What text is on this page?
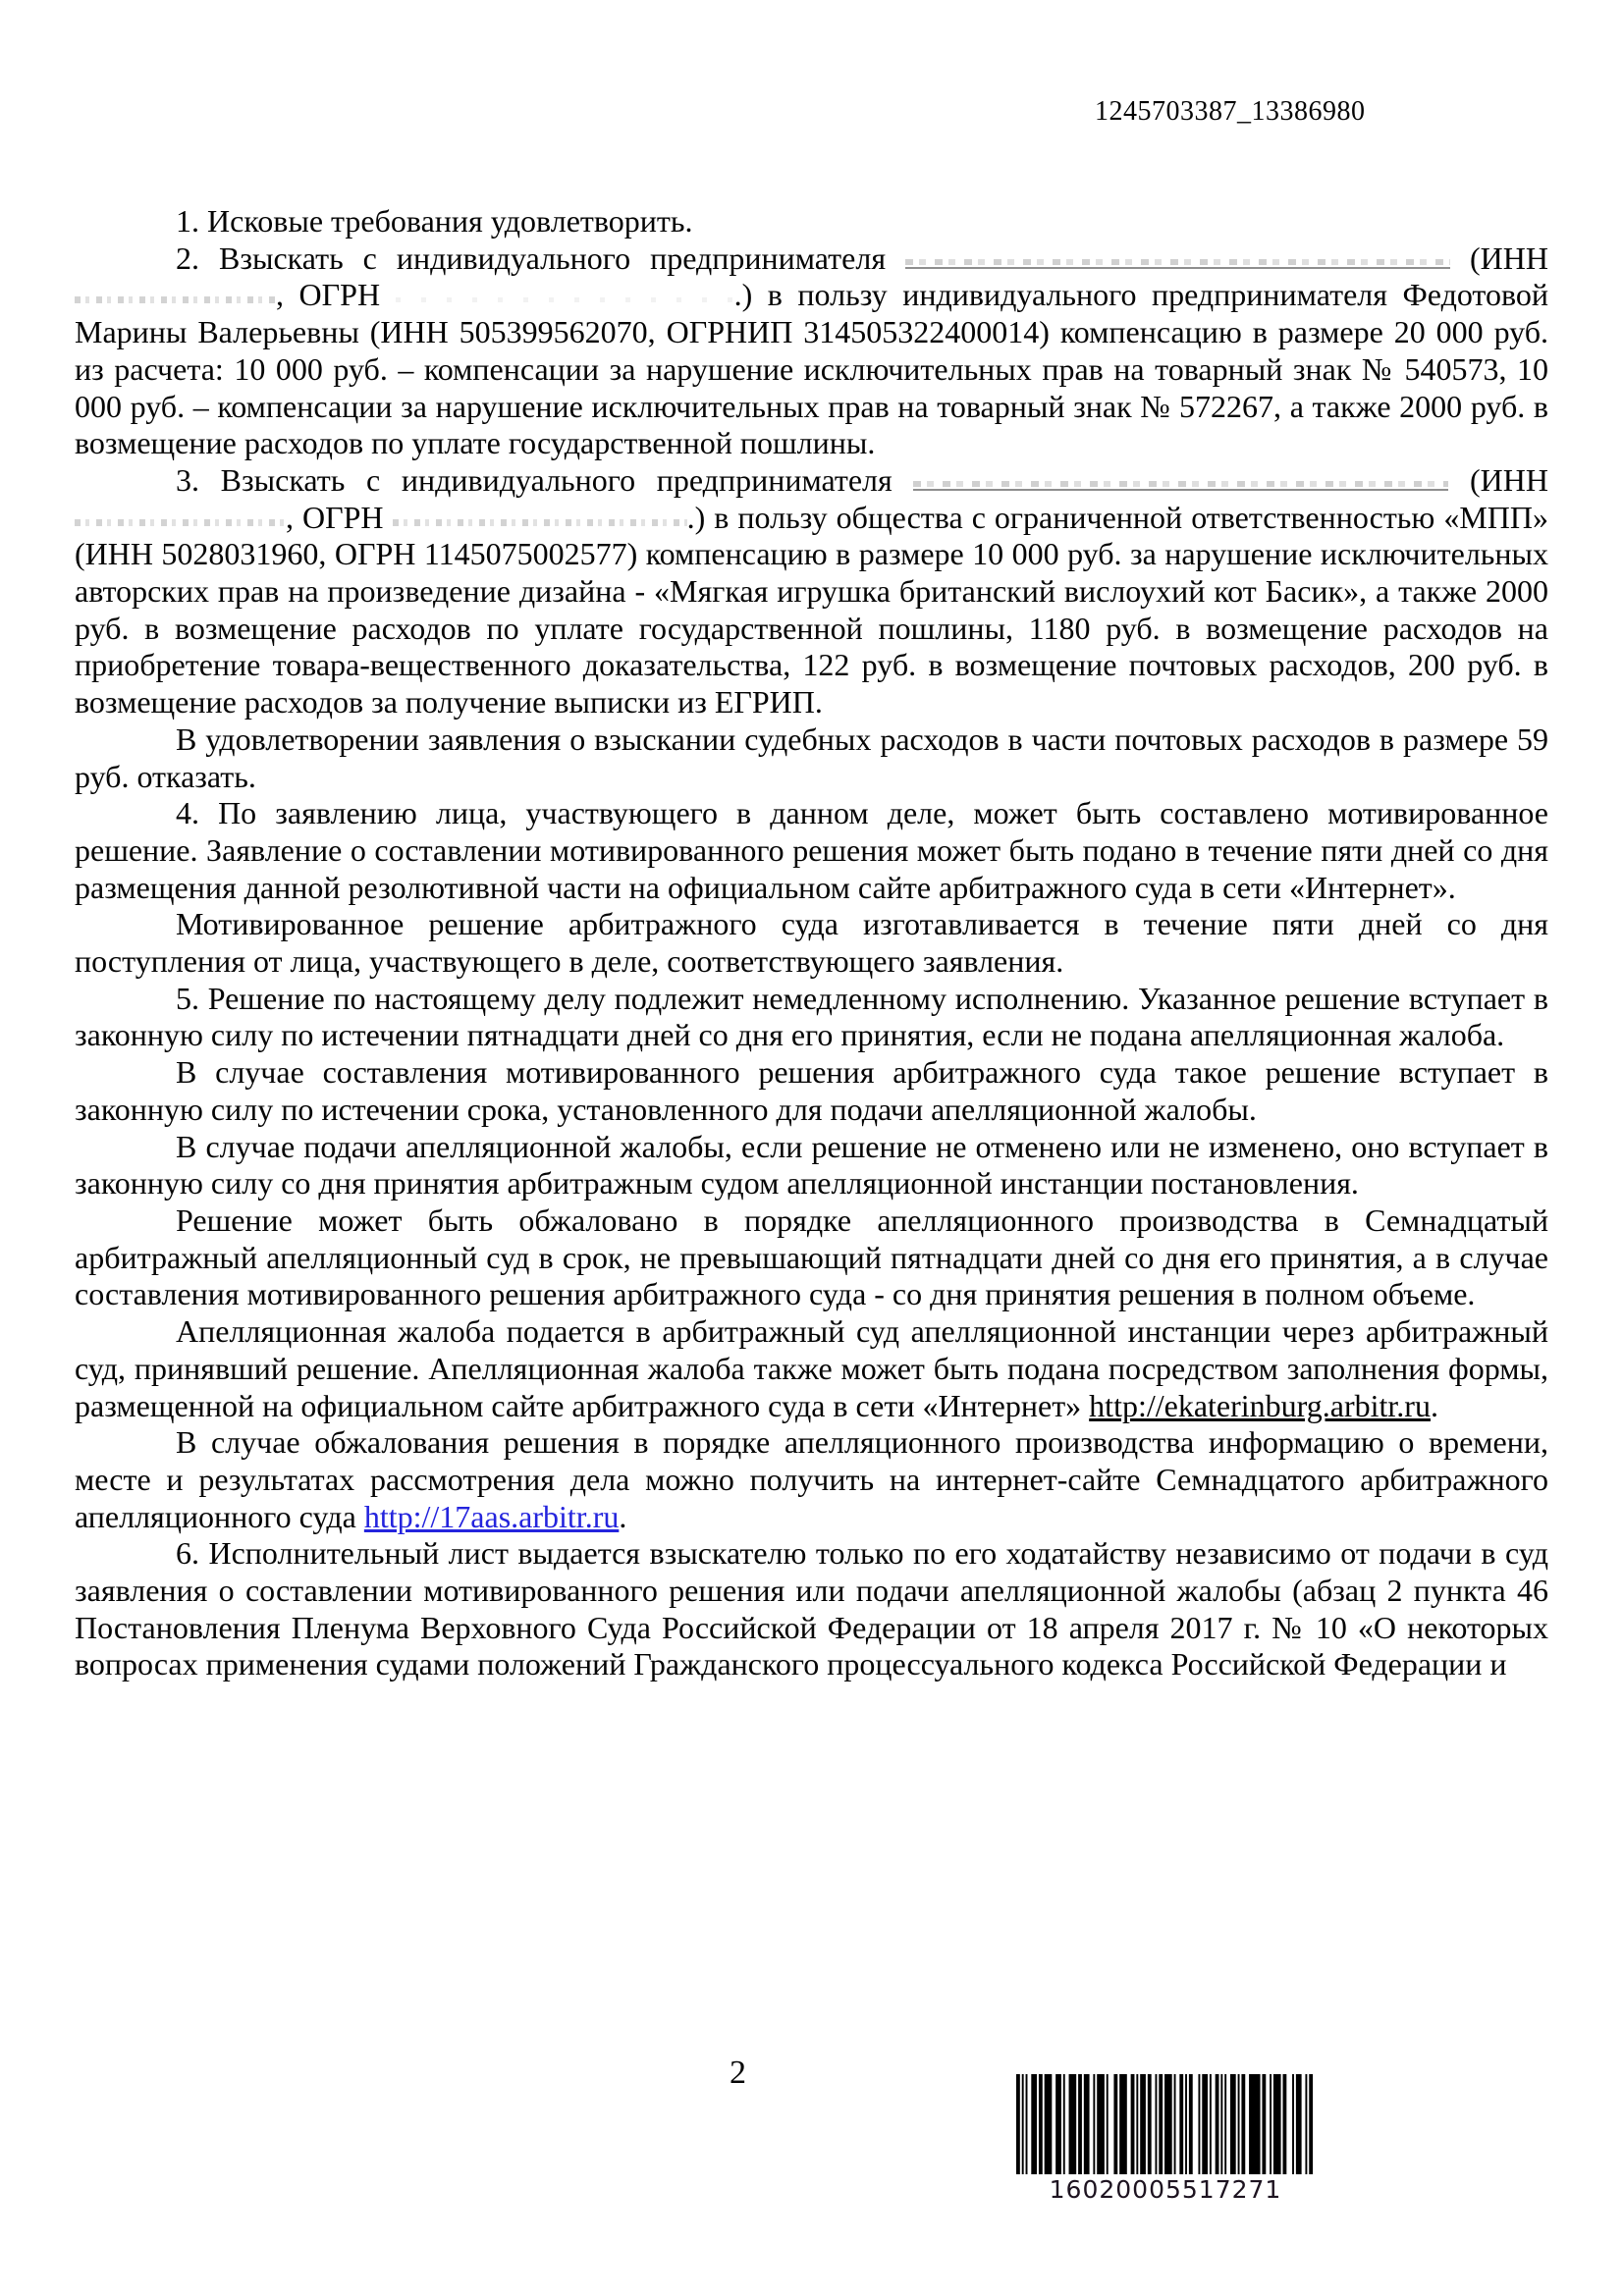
1245703387_13386980

1. Исковые требования удовлетворить.

2. Взыскать с индивидуального предпринимателя	(ИНН , ОГРН	.) в пользу индивидуального предпринимателя Федотовой Марины Валерьевны (ИНН 505399562070, ОГРНИП 314505322400014) компенсацию в размере 20 000 руб. из расчета: 10 000 руб. – компенсации за нарушение исключительных прав на товарный знак № 540573, 10 000 руб. – компенсации за нарушение исключительных прав на товарный знак № 572267, а также 2000 руб. в возмещение расходов по уплате государственной пошлины.

3. Взыскать с индивидуального предпринимателя	(ИНН , ОГРН	.) в пользу общества с ограниченной ответственностью «МПП» (ИНН 5028031960, ОГРН 1145075002577) компенсацию в размере 10 000 руб. за нарушение исключительных авторских прав на произведение дизайна - «Мягкая игрушка британский вислоухий кот Басик», а также 2000 руб. в возмещение расходов по уплате государственной пошлины, 1180 руб. в возмещение расходов на приобретение товара-вещественного доказательства, 122 руб. в возмещение почтовых расходов, 200 руб. в возмещение расходов за получение выписки из ЕГРИП.

В удовлетворении заявления о взыскании судебных расходов в части почтовых расходов в размере 59 руб. отказать.

4. По заявлению лица, участвующего в данном деле, может быть составлено мотивированное решение. Заявление о составлении мотивированного решения может быть подано в течение пяти дней со дня размещения данной резолютивной части на официальном сайте арбитражного суда в сети «Интернет».

Мотивированное решение арбитражного суда изготавливается в течение пяти дней со дня поступления от лица, участвующего в деле, соответствующего заявления.

5. Решение по настоящему делу подлежит немедленному исполнению. Указанное решение вступает в законную силу по истечении пятнадцати дней со дня его принятия, если не подана апелляционная жалоба.

В случае составления мотивированного решения арбитражного суда такое решение вступает в законную силу по истечении срока, установленного для подачи апелляционной жалобы.

В случае подачи апелляционной жалобы, если решение не отменено или не изменено, оно вступает в законную силу со дня принятия арбитражным судом апелляционной инстанции постановления.

Решение может быть обжаловано в порядке апелляционного производства в Семнадцатый арбитражный апелляционный суд в срок, не превышающий пятнадцати дней со дня его принятия, а в случае составления мотивированного решения арбитражного суда - со дня принятия решения в полном объеме.

Апелляционная жалоба подается в арбитражный суд апелляционной инстанции через арбитражный суд, принявший решение. Апелляционная жалоба также может быть подана посредством заполнения формы, размещенной на официальном сайте арбитражного суда в сети «Интернет» http://ekaterinburg.arbitr.ru.

В случае обжалования решения в порядке апелляционного производства информацию о времени, месте и результатах рассмотрения дела можно получить на интернет-сайте Семнадцатого арбитражного апелляционного суда http://17aas.arbitr.ru.

6. Исполнительный лист выдается взыскателю только по его ходатайству независимо от подачи в суд заявления о составлении мотивированного решения или подачи апелляционной жалобы (абзац 2 пункта 46 Постановления Пленума Верховного Суда Российской Федерации от 18 апреля 2017 г. № 10 «О некоторых вопросах применения судами положений Гражданского процессуального кодекса Российской Федерации и

2
16020005517271
